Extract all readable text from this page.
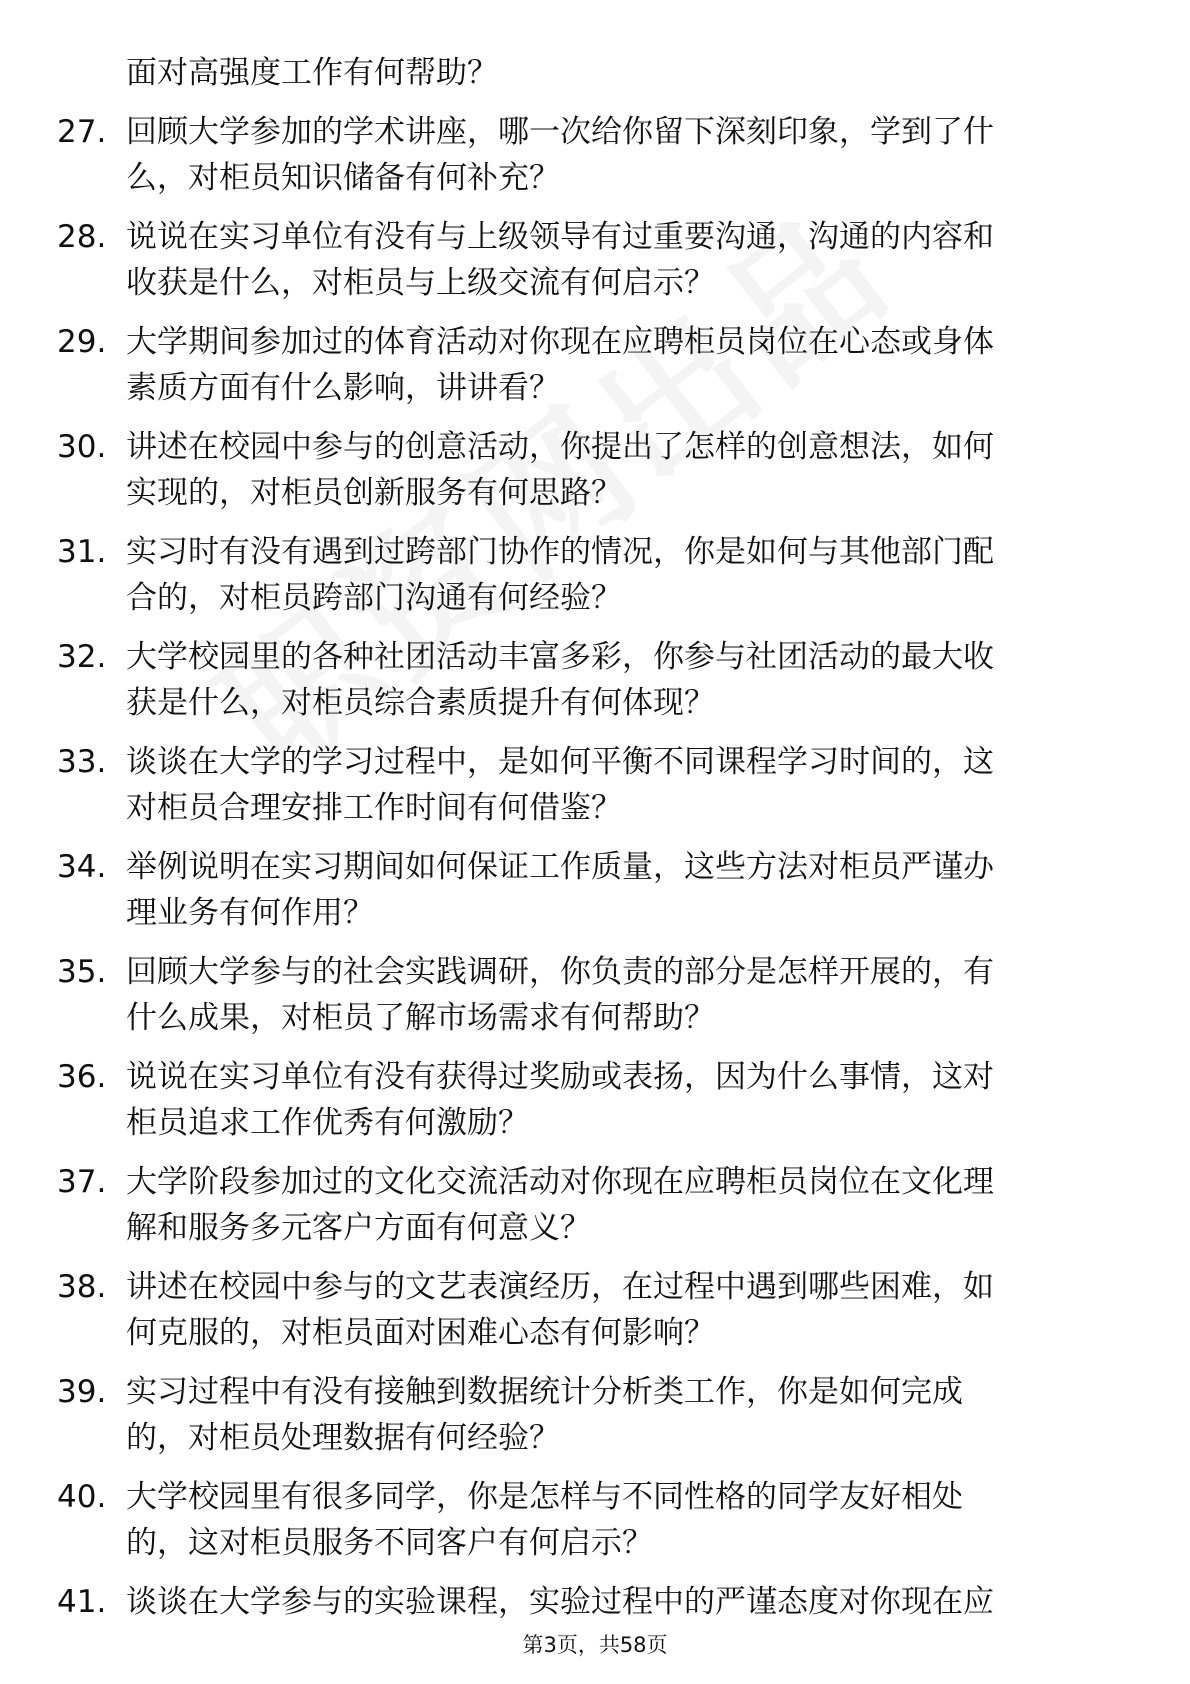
面对高强度工作有何帮助？
27. 回顾大学参加的学术讲座，哪一次给你留下深刻印象，学到了什
么，对柜员知识储备有何补充？
28. 说说在实习单位有没有与上级领导有过重要沟通，沟通的内容和
收获是什么，对柜员与上级交流有何启示？
29. 大学期间参加过的体育活动对你现在应聘柜员岗位在心态或身体
素质方面有什么影响，讲讲看？
30. 讲述在校园中参与的创意活动，你提出了怎样的创意想法，如何
实现的，对柜员创新服务有何思路？
31. 实习时有没有遇到过跨部门协作的情况，你是如何与其他部门配
合的，对柜员跨部门沟通有何经验？
32. 大学校园里的各种社团活动丰富多彩，你参与社团活动的最大收
获是什么，对柜员综合素质提升有何体现？
33. 谈谈在大学的学习过程中，是如何平衡不同课程学习时间的，这
对柜员合理安排工作时间有何借鉴？
34. 举例说明在实习期间如何保证工作质量，这些方法对柜员严谨办
理业务有何作用？
35. 回顾大学参与的社会实践调研，你负责的部分是怎样开展的，有
什么成果，对柜员了解市场需求有何帮助？
36. 说说在实习单位有没有获得过奖励或表扬，因为什么事情，这对
柜员追求工作优秀有何激励？
37. 大学阶段参加过的文化交流活动对你现在应聘柜员岗位在文化理
解和服务多元客户方面有何意义？
38. 讲述在校园中参与的文艺表演经历，在过程中遇到哪些困难，如
何克服的，对柜员面对困难心态有何影响？
39. 实习过程中有没有接触到数据统计分析类工作，你是如何完成
的，对柜员处理数据有何经验？
40. 大学校园里有很多同学，你是怎样与不同性格的同学友好相处
的，这对柜员服务不同客户有何启示？
41. 谈谈在大学参与的实验课程，实验过程中的严谨态度对你现在应
第3页，共58页
